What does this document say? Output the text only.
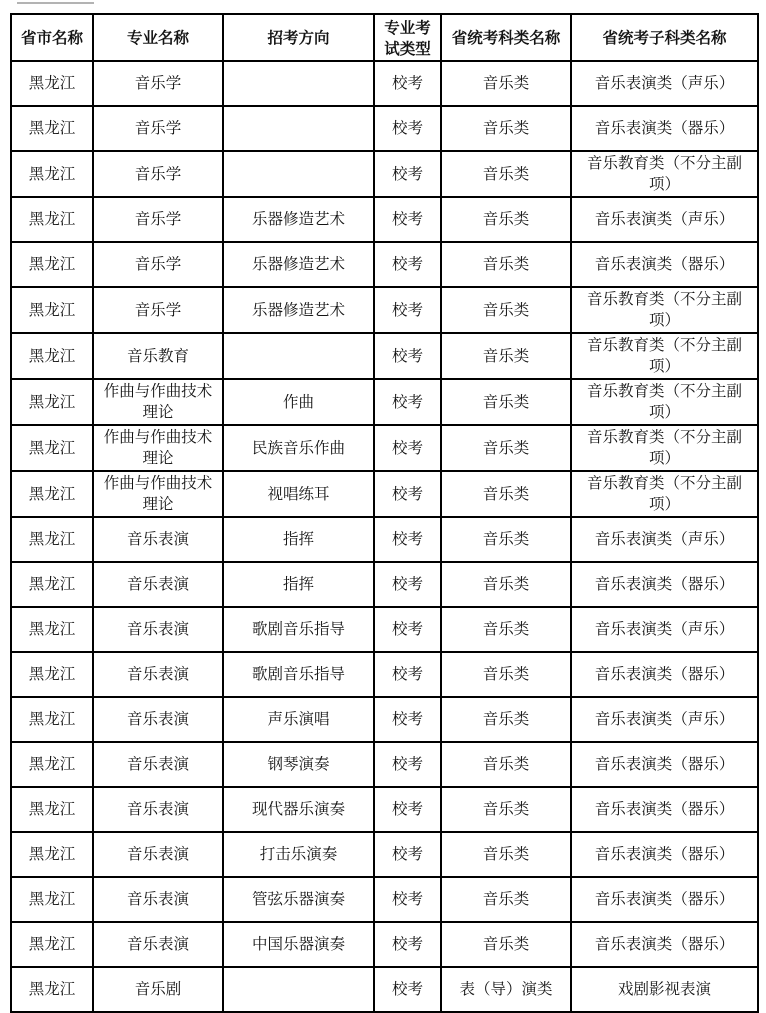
省市名称	专业名称	招考方向	专业考试类型	省统考科类名称	省统考子科类名称
黑龙江	音乐学		校考	音乐类	音乐表演类（声乐）
黑龙江	音乐学		校考	音乐类	音乐表演类（器乐）
黑龙江	音乐学		校考	音乐类	音乐教育类（不分主副项）
黑龙江	音乐学	乐器修造艺术	校考	音乐类	音乐表演类（声乐）
黑龙江	音乐学	乐器修造艺术	校考	音乐类	音乐表演类（器乐）
黑龙江	音乐学	乐器修造艺术	校考	音乐类	音乐教育类（不分主副项）
黑龙江	音乐教育		校考	音乐类	音乐教育类（不分主副项）
黑龙江	作曲与作曲技术理论	作曲	校考	音乐类	音乐教育类（不分主副项）
黑龙江	作曲与作曲技术理论	民族音乐作曲	校考	音乐类	音乐教育类（不分主副项）
黑龙江	作曲与作曲技术理论	视唱练耳	校考	音乐类	音乐教育类（不分主副项）
黑龙江	音乐表演	指挥	校考	音乐类	音乐表演类（声乐）
黑龙江	音乐表演	指挥	校考	音乐类	音乐表演类（器乐）
黑龙江	音乐表演	歌剧音乐指导	校考	音乐类	音乐表演类（声乐）
黑龙江	音乐表演	歌剧音乐指导	校考	音乐类	音乐表演类（器乐）
黑龙江	音乐表演	声乐演唱	校考	音乐类	音乐表演类（声乐）
黑龙江	音乐表演	钢琴演奏	校考	音乐类	音乐表演类（器乐）
黑龙江	音乐表演	现代器乐演奏	校考	音乐类	音乐表演类（器乐）
黑龙江	音乐表演	打击乐演奏	校考	音乐类	音乐表演类（器乐）
黑龙江	音乐表演	管弦乐器演奏	校考	音乐类	音乐表演类（器乐）
黑龙江	音乐表演	中国乐器演奏	校考	音乐类	音乐表演类（器乐）
黑龙江	音乐剧		校考	表（导）演类	戏剧影视表演
